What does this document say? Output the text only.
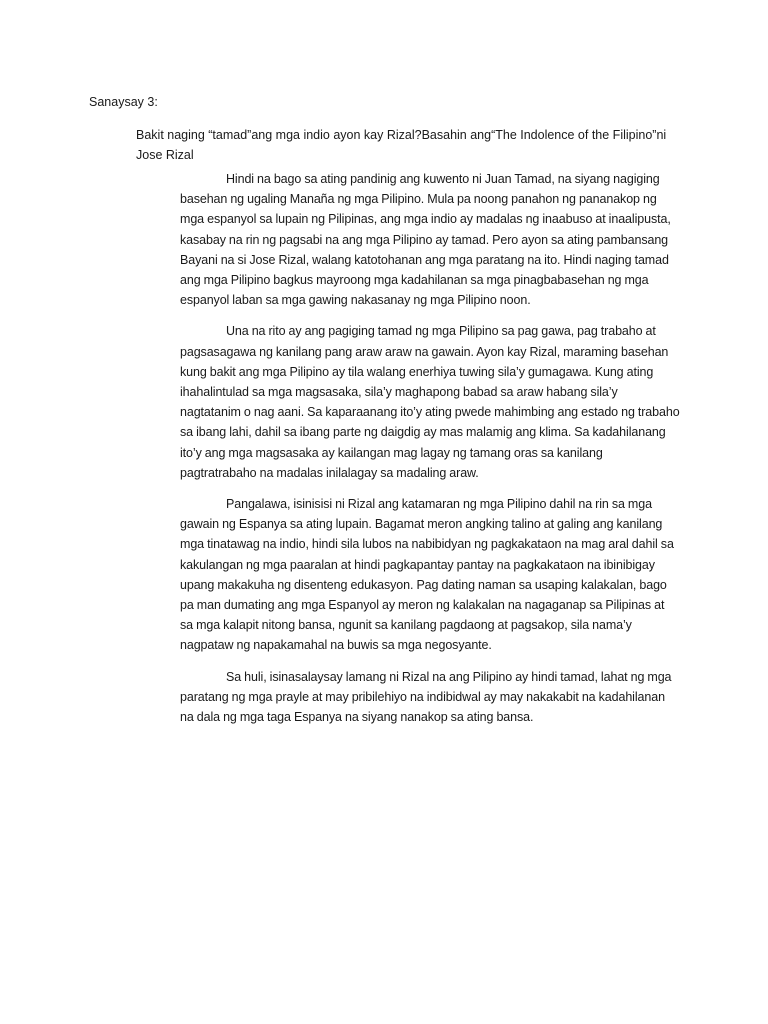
Sanaysay 3:

Bakit naging “tamad”ang mga indio ayon kay Rizal?Basahin ang“The Indolence of the Filipino”ni Jose Rizal

Hindi na bago sa ating pandinig ang kuwento ni Juan Tamad, na siyang nagiging basehan ng ugaling Manaña ng mga Pilipino. Mula pa noong panahon ng pananakop ng mga espanyol sa lupain ng Pilipinas, ang mga indio ay madalas ng inaabuso at inaalipusta, kasabay na rin ng pagsabi na ang mga Pilipino ay tamad. Pero ayon sa ating pambansang Bayani na si Jose Rizal, walang katotohanan ang mga paratang na ito. Hindi naging tamad ang mga Pilipino bagkus mayroong mga kadahilanan sa mga pinagbabasehan ng mga espanyol laban sa mga gawing nakasanay ng mga Pilipino noon.

Una na rito ay ang pagiging tamad ng mga Pilipino sa pag gawa, pag trabaho at pagsasagawa ng kanilang pang araw araw na gawain. Ayon kay Rizal, maraming basehan kung bakit ang mga Pilipino ay tila walang enerhiya tuwing sila’y gumagawa. Kung ating ihahalintulad sa mga magsasaka, sila’y maghapong babad sa araw habang sila’y nagtatanim o nag aani. Sa kaparaanang ito’y ating pwede mahimbing ang estado ng trabaho sa ibang lahi, dahil sa ibang parte ng daigdig ay mas malamig ang klima. Sa kadahilanang ito’y ang mga magsasaka ay kailangan mag lagay ng tamang oras sa kanilang pagtratrabaho na madalas inilalagay sa madaling araw.

Pangalawa, isinisisi ni Rizal ang katamaran ng mga Pilipino dahil na rin sa mga gawain ng Espanya sa ating lupain. Bagamat meron angking talino at galing ang kanilang mga tinatawag na indio, hindi sila lubos na nabibidyan ng pagkakataon na mag aral dahil sa kakulangan ng mga paaralan at hindi pagkapantay pantay na pagkakataon na ibinibigay upang makakuha ng disenteng edukasyon. Pag dating naman sa usaping kalakalan, bago pa man dumating ang mga Espanyol ay meron ng kalakalan na nagaganap sa Pilipinas at sa mga kalapit nitong bansa, ngunit sa kanilang pagdaong at pagsakop, sila nama’y nagpataw ng napakamahal na buwis sa mga negosyante.

Sa huli, isinasalaysay lamang ni Rizal na ang Pilipino ay hindi tamad, lahat ng mga paratang ng mga prayle at may pribilehiyo na indibidwal ay may nakakabit na kadahilanan na dala ng mga taga Espanya na siyang nanakop sa ating bansa.
